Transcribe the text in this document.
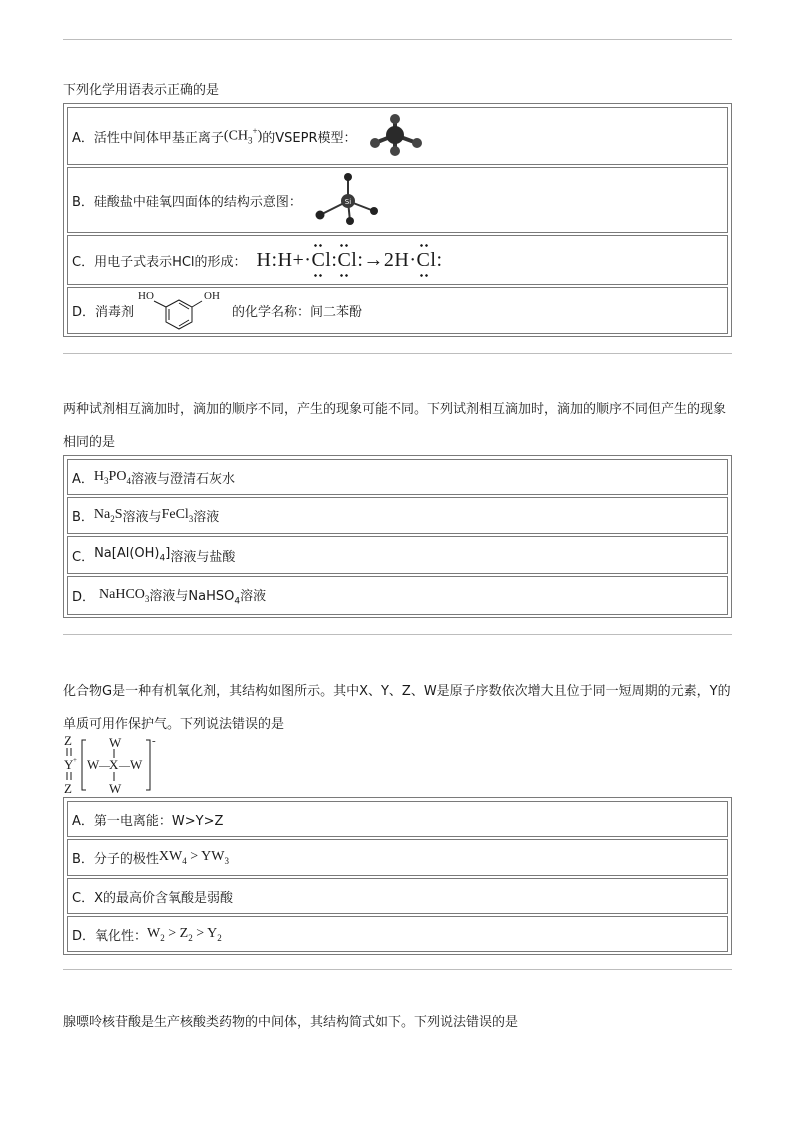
下列化学用语表示正确的是
A．活性中间体甲基正离子 $(CH_3^+)$ 的VSEPR模型：
B．硅酸盐中硅氧四面体的结构示意图：	Si
C．用电子式表示HCl的形成： H:H+·Cl:Cl:→2H·Cl:
D．消毒剂
HO	OH
的化学名称：间二苯酚
两种试剂相互滴加时，滴加的顺序不同，产生的现象可能不同。下列试剂相互滴加时，滴加的顺序不同但产生的现象相同的是
A． $H_3PO_4$ 溶液与澄清石灰水
B． $Na_2S$ 溶液与 FeCl$_3$ 溶液
C． $Na[Al(OH)_4]$ 溶液与盐酸
D． NaHCO$_3$ 溶液与NaHSO$_4$溶液
化合物G是一种有机氧化剂，其结构如图所示。其中X、Y、Z、W是原子序数依次增大且位于同一短周期的元素，Y的单质可用作保护气。下列说法错误的是
Z
Y +
Z
-
W
W — X — W
W
A．第一电离能：W>Y>Z
B．分子的极性 $XW_4 > YW_3$
C．X的最高价含氧酸是弱酸
D．氧化性： $W_2 > Z_2 > Y_2$
腺嘌呤核苷酸是生产核酸类药物的中间体，其结构简式如下。下列说法错误的是
